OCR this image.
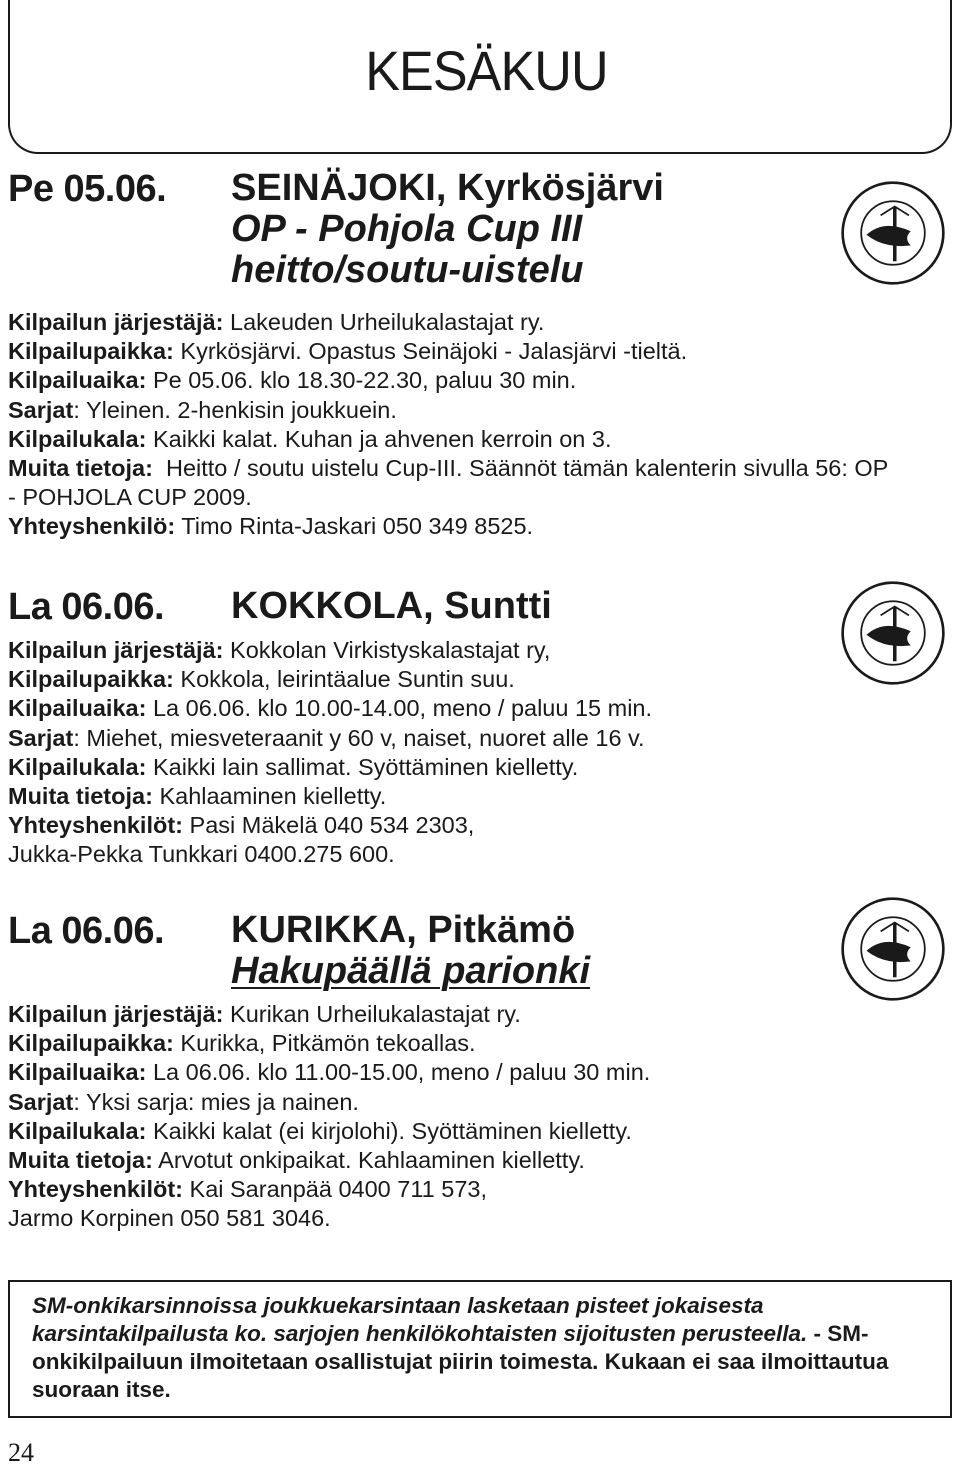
KESÄKUU
Pe 05.06. SEINÄJOKI, Kyrkösjärvi
OP - Pohjola Cup III
heitto/soutu-uistelu
Kilpailun järjestäjä: Lakeuden Urheilukalastajat ry.
Kilpailupaikka: Kyrkösjärvi. Opastus Seinäjoki - Jalasjärvi -tieltä.
Kilpailuaika: Pe 05.06. klo 18.30-22.30, paluu 30 min.
Sarjat: Yleinen. 2-henkisin joukkuein.
Kilpailukala: Kaikki kalat. Kuhan ja ahvenen kerroin on 3.
Muita tietoja: Heitto / soutu uistelu Cup-III. Säännöt tämän kalenterin sivulla 56: OP - POHJOLA CUP 2009.
Yhteyshenkilö: Timo Rinta-Jaskari 050 349 8525.
La 06.06. KOKKOLA, Suntti
Kilpailun järjestäjä: Kokkolan Virkistyskalastajat ry,
Kilpailupaikka: Kokkola, leirintäalue Suntin suu.
Kilpailuaika: La 06.06. klo 10.00-14.00, meno / paluu 15 min.
Sarjat: Miehet, miesveteraanit y 60 v, naiset, nuoret alle 16 v.
Kilpailukala: Kaikki lain sallimat. Syöttäminen kielletty.
Muita tietoja: Kahlaaminen kielletty.
Yhteyshenkilöt: Pasi Mäkelä 040 534 2303,
Jukka-Pekka Tunkkari 0400.275 600.
La 06.06. KURIKKA, Pitkämö
Hakupäällä parionki
Kilpailun järjestäjä: Kurikan Urheilukalastajat ry.
Kilpailupaikka: Kurikka, Pitkämön tekoallas.
Kilpailuaika: La 06.06. klo 11.00-15.00, meno / paluu 30 min.
Sarjat: Yksi sarja: mies ja nainen.
Kilpailukala: Kaikki kalat (ei kirjolohi). Syöttäminen kielletty.
Muita tietoja: Arvotut onkipaikat. Kahlaaminen kielletty.
Yhteyshenkilöt: Kai Saranpää 0400 711 573,
Jarmo Korpinen 050 581 3046.
SM-onkikarsinnoissa joukkuekarsintaan lasketaan pisteet jokaisesta karsintakilpailusta ko. sarjojen henkilökohtaisten sijoitusten perusteella. - SM-onkikilpailuun ilmoitetaan osallistujat piirin toimesta. Kukaan ei saa ilmoittautua suoraan itse.
24
